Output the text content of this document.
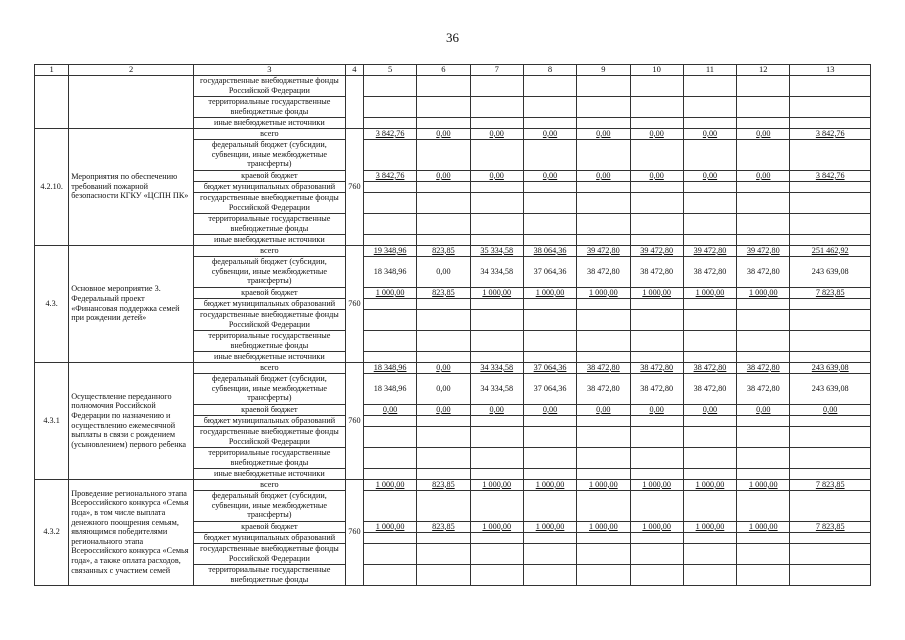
36
1	2	3	4	5	6	7	8	9	10	11	12	13
		государственные внебюджетные фонды Российской Федерации										
		территориальные государственные внебюджетные фонды										
		иные внебюджетные источники										
4.2.10.	Мероприятия по обеспечению требований пожарной безопасности КГКУ «ЦСПН ПК»	всего	760	3 842,76	0,00	0,00	0,00	0,00	0,00	0,00	0,00	3 842,76
		федеральный бюджет (субсидии, субвенции, иные межбюджетные трансферты)										
		краевой бюджет		3 842,76	0,00	0,00	0,00	0,00	0,00	0,00	0,00	3 842,76
		бюджет муниципальных образований										
		государственные внебюджетные фонды Российской Федерации										
		территориальные государственные внебюджетные фонды										
		иные внебюджетные источники										
4.3.	Основное мероприятие 3. Федеральный проект «Финансовая поддержка семей при рождении детей»	всего	760	19 348,96	823,85	35 334,58	38 064,36	39 472,80	39 472,80	39 472,80	39 472,80	251 462,92
		федеральный бюджет (субсидии, субвенции, иные межбюджетные трансферты)		18 348,96	0,00	34 334,58	37 064,36	38 472,80	38 472,80	38 472,80	38 472,80	243 639,08
		краевой бюджет		1 000,00	823,85	1 000,00	1 000,00	1 000,00	1 000,00	1 000,00	1 000,00	7 823,85
		бюджет муниципальных образований										
		государственные внебюджетные фонды Российской Федерации										
		территориальные государственные внебюджетные фонды										
		иные внебюджетные источники										
4.3.1	Осуществление переданного полномочия Российской Федерации по назначению и осуществлению ежемесячной выплаты в связи с рождением (усыновлением) первого ребенка	всего	760	18 348,96	0,00	34 334,58	37 064,36	38 472,80	38 472,80	38 472,80	38 472,80	243 639,08
		федеральный бюджет (субсидии, субвенции, иные межбюджетные трансферты)		18 348,96	0,00	34 334,58	37 064,36	38 472,80	38 472,80	38 472,80	38 472,80	243 639,08
		краевой бюджет		0,00	0,00	0,00	0,00	0,00	0,00	0,00	0,00	0,00
		бюджет муниципальных образований										
		государственные внебюджетные фонды Российской Федерации										
		территориальные государственные внебюджетные фонды										
		иные внебюджетные источники										
4.3.2	Проведение регионального этапа Всероссийского конкурса «Семья года», в том числе выплата денежного поощрения семьям, являющимся победителями регионального этапа Всероссийского конкурса «Семья года», а также оплата расходов, связанных с участием семей	всего	760	1 000,00	823,85	1 000,00	1 000,00	1 000,00	1 000,00	1 000,00	1 000,00	7 823,85
		федеральный бюджет (субсидии, субвенции, иные межбюджетные трансферты)										
		краевой бюджет		1 000,00	823,85	1 000,00	1 000,00	1 000,00	1 000,00	1 000,00	1 000,00	7 823,85
		бюджет муниципальных образований										
		государственные внебюджетные фонды Российской Федерации										
		территориальные государственные внебюджетные фонды										
